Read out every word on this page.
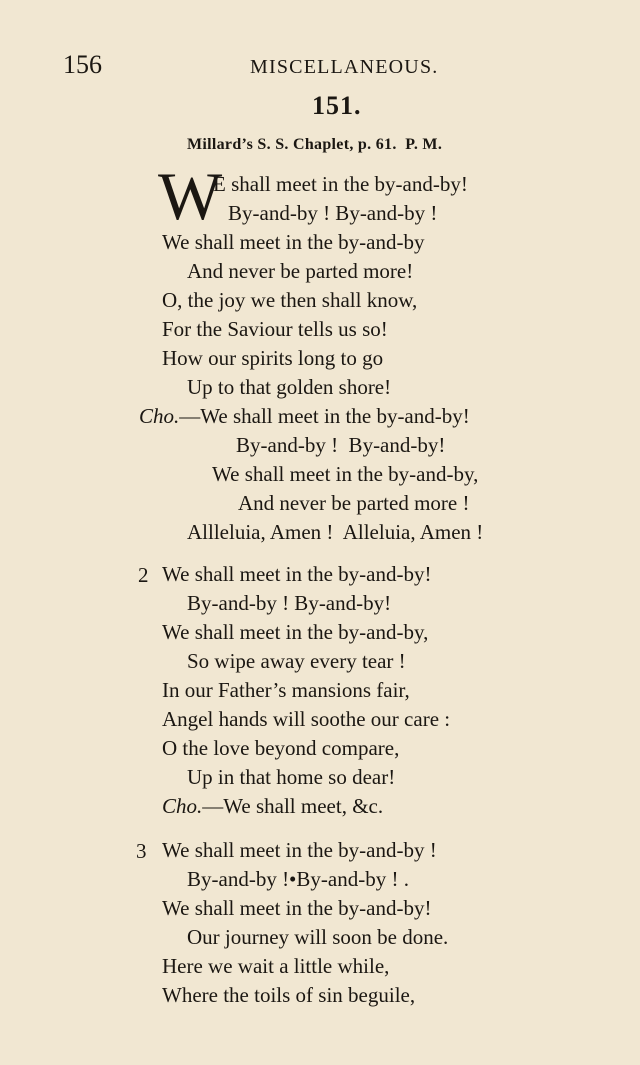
156	MISCELLANEOUS.
151.
Millard’s S. S. Chaplet, p. 61.  P. M.
W
E shall meet in the by-and-by!
By-and-by ! By-and-by !
We shall meet in the by-and-by
And never be parted more!
O, the joy we then shall know,
For the Saviour tells us so!
How our spirits long to go
Up to that golden shore!
Cho.—We shall meet in the by-and-by!
By-and-by !  By-and-by!
We shall meet in the by-and-by,
And never be parted more !
Allleluia, Amen !  Alleluia, Amen !
2 We shall meet in the by-and-by!
By-and-by ! By-and-by!
We shall meet in the by-and-by,
So wipe away every tear !
In our Father’s mansions fair,
Angel hands will soothe our care :
O the love beyond compare,
Up in that home so dear!
Cho.—We shall meet, &c.
3 We shall meet in the by-and-by !
By-and-by !•By-and-by ! .
We shall meet in the by-and-by!
Our journey will soon be done.
Here we wait a little while,
Where the toils of sin beguile,
